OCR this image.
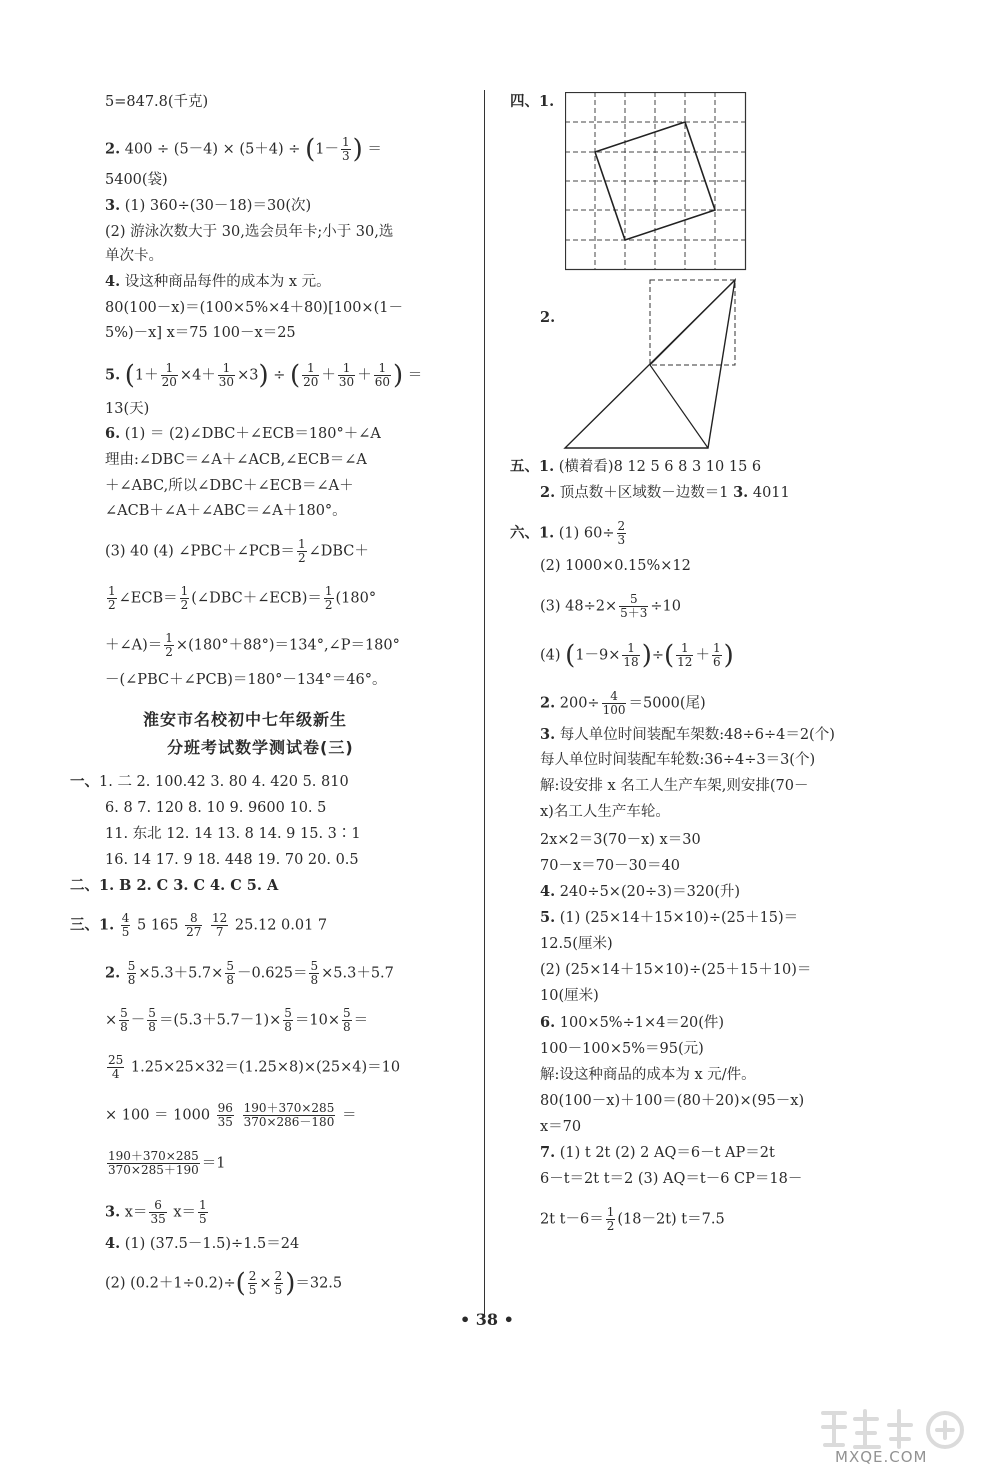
5=847.8(千克)
2. $400 \div (5-4) \times (5+4) \div (1- \frac{1}{3}$ ) ＝
5400(袋)
3. (1) 360÷(30－18)＝30(次)
(2) 游泳次数大于 30,选会员年卡;小于 30,选
单次卡。
4. 设这种商品每件的成本为 x 元。
80(100－x)＝(100×5%×4＋80)[100×(1－
5%)－x] x＝75 100－x＝25
5. $(1+ \frac{1}{20} \times 4+ \frac{1}{30} \times 3)$ ÷ ( $\frac{1}{20} + \frac{1}{30} + \frac{1}{60}$ ) ＝
13(天)
6. (1) ＝ (2)∠DBC＋∠ECB＝180°＋∠A
理由:∠DBC＝∠A＋∠ACB,∠ECB＝∠A
＋∠ABC,所以∠DBC＋∠ECB＝∠A＋
∠ACB＋∠A＋∠ABC＝∠A＋180°。
(3) 40 (4) ∠PBC＋∠PCB＝ $\frac{1}{2}$ ∠DBC＋
$\frac{1}{2}$ ∠ECB＝ $\frac{1}{2}$ (∠DBC＋∠ECB)＝ $\frac{1}{2} (180^\circ$
＋∠A)＝ $\frac{1}{2}$ ×(180°＋88°)＝134°,∠P＝180°
－(∠PBC＋∠PCB)＝180°－134°＝46°。
淮安市名校初中七年级新生
分班考试数学测试卷(三)
一、1. 二 2. 100.42 3. 80 4. 420 5. 810
6. 8 7. 120 8. 10 9. 9600 10. 5
11. 东北 12. 14 13. 8 14. 9 15. 3∶1
16. 14 17. 9 18. 448 19. 70 20. 0.5
二、1. B 2. C 3. C 4. C 5. A
三、1. $\frac{4}{5} 5$ $165 \frac{8}{27}$
$\frac{12}{7} 25.12$ 0.01 7
2. $\frac{5}{8} \times 5.3+5.7\times \frac{5}{8} -0.625= \frac{5}{8} \times 5.3+5.7$
× $\frac{5}{8} - \frac{5}{8} =(5.3+5.7-1)\times \frac{5}{8} =10\times \frac{5}{8}$ ＝
$\frac{25}{4} 1.25\times 25\times 32=(1.25\times 8)\times(25\times 4)=10$
× $100 = 1000 \frac{96}{35}$
$\frac{190+370\times 285}{370\times 286-180}$ ＝
$\frac{190+370\times 285}{370\times 285+190} =1$
3. $x= \frac{6}{35} x= \frac{1}{5}$
4. (1) (37.5－1.5)÷1.5＝24
(2) $(0.2+1\div 0.2)\div( \frac{2}{5} \times \frac{2}{5} )=32.5$
四、1.
2.
五、1. (横着看)8 12 5 6 8 3 10 15 6
2. 顶点数＋区域数－边数＝1 3. 4011
六、1. (1) $60\div \frac{2}{3}$
(2) 1000×0.15%×12
(3) $48\div 2\times \frac{5}{5+3} \div 10$
(4) ($1-9\times \frac{1}{18}$ )÷( $\frac{1}{12} + \frac{1}{6}$ )
2. $200\div \frac{4}{100} =5000$(尾)
3. 每人单位时间装配车架数:48÷6÷4＝2(个)
每人单位时间装配车轮数:36÷4÷3＝3(个)
解:设安排 x 名工人生产车架,则安排(70－
x)名工人生产车轮。
2x×2＝3(70－x) x＝30
70－x＝70－30＝40
4. 240÷5×(20÷3)＝320(升)
5. (1) (25×14＋15×10)÷(25＋15)＝
12.5(厘米)
(2) (25×14＋15×10)÷(25＋15＋10)＝
10(厘米)
6. 100×5%÷1×4＝20(件)
100－100×5%＝95(元)
解:设这种商品的成本为 x 元/件。
80(100－x)＋100＝(80＋20)×(95－x)
x＝70
7. (1) t 2t (2) 2 AQ＝6－t AP＝2t
6－t＝2t t＝2 (3) AQ＝t－6 CP＝18－
2t $t-6= \frac{1}{2} (18-2t)$ t＝7.5
• 38 •
MXQE.COM
